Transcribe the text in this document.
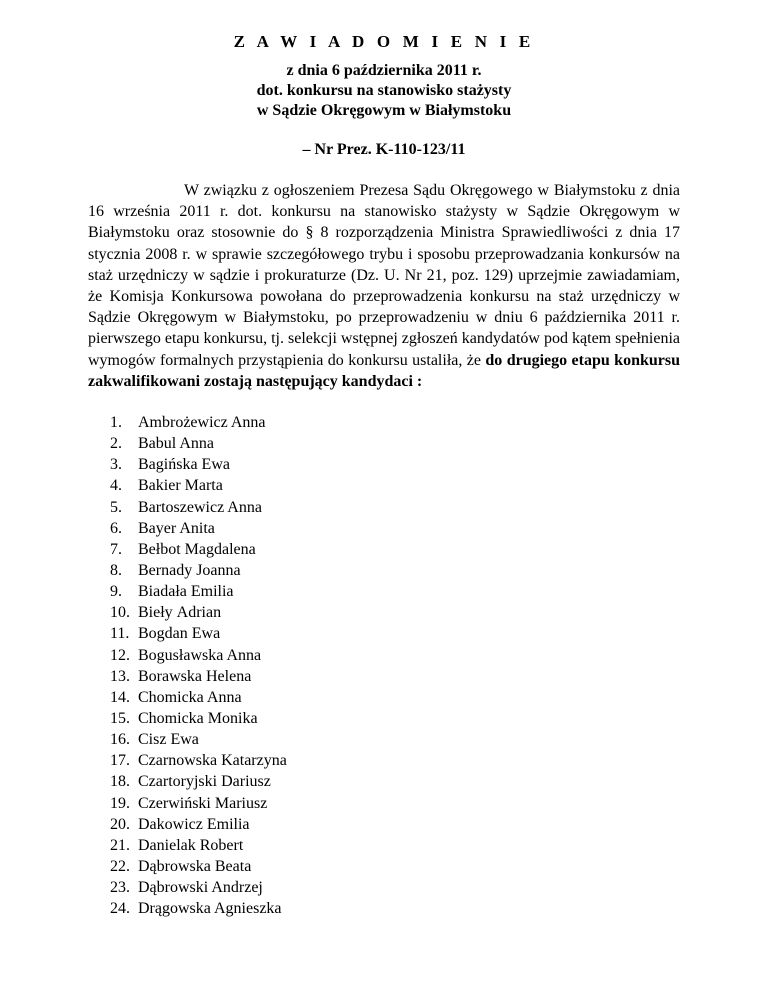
Z A W I A D O M I E N I E

z dnia 6 października 2011 r.

dot. konkursu na stanowisko stażysty

w Sądzie Okręgowym w Białymstoku

– Nr Prez. K-110-123/11

W związku z ogłoszeniem Prezesa Sądu Okręgowego w Białymstoku z dnia 16 września 2011 r. dot. konkursu na stanowisko stażysty w Sądzie Okręgowym w Białymstoku oraz stosownie do § 8 rozporządzenia Ministra Sprawiedliwości z dnia 17 stycznia 2008 r. w sprawie szczegółowego trybu i sposobu przeprowadzania konkursów na staż urzędniczy w sądzie i prokuraturze (Dz. U. Nr 21, poz. 129) uprzejmie zawiadamiam, że Komisja Konkursowa powołana do przeprowadzenia konkursu na staż urzędniczy w Sądzie Okręgowym w Białymstoku, po przeprowadzeniu w dniu 6 października 2011 r. pierwszego etapu konkursu, tj. selekcji wstępnej zgłoszeń kandydatów pod kątem spełnienia wymogów formalnych przystąpienia do konkursu ustaliła, że do drugiego etapu konkursu zakwalifikowani zostają następujący kandydaci :

1. Ambrożewicz Anna
2. Babul Anna
3. Bagińska Ewa
4. Bakier Marta
5. Bartoszewicz Anna
6. Bayer Anita
7. Bełbot Magdalena
8. Bernady Joanna
9. Biadała Emilia
10. Biełу Adrian
11. Bogdan Ewa
12. Bogusławska Anna
13. Borawska Helena
14. Chomicka Anna
15. Chomicka Monika
16. Cisz Ewa
17. Czarnowska Katarzyna
18. Czartoryjski Dariusz
19. Czerwiński Mariusz
20. Dakowicz Emilia
21. Danielak Robert
22. Dąbrowska Beata
23. Dąbrowski Andrzej
24. Drągowska Agnieszka
